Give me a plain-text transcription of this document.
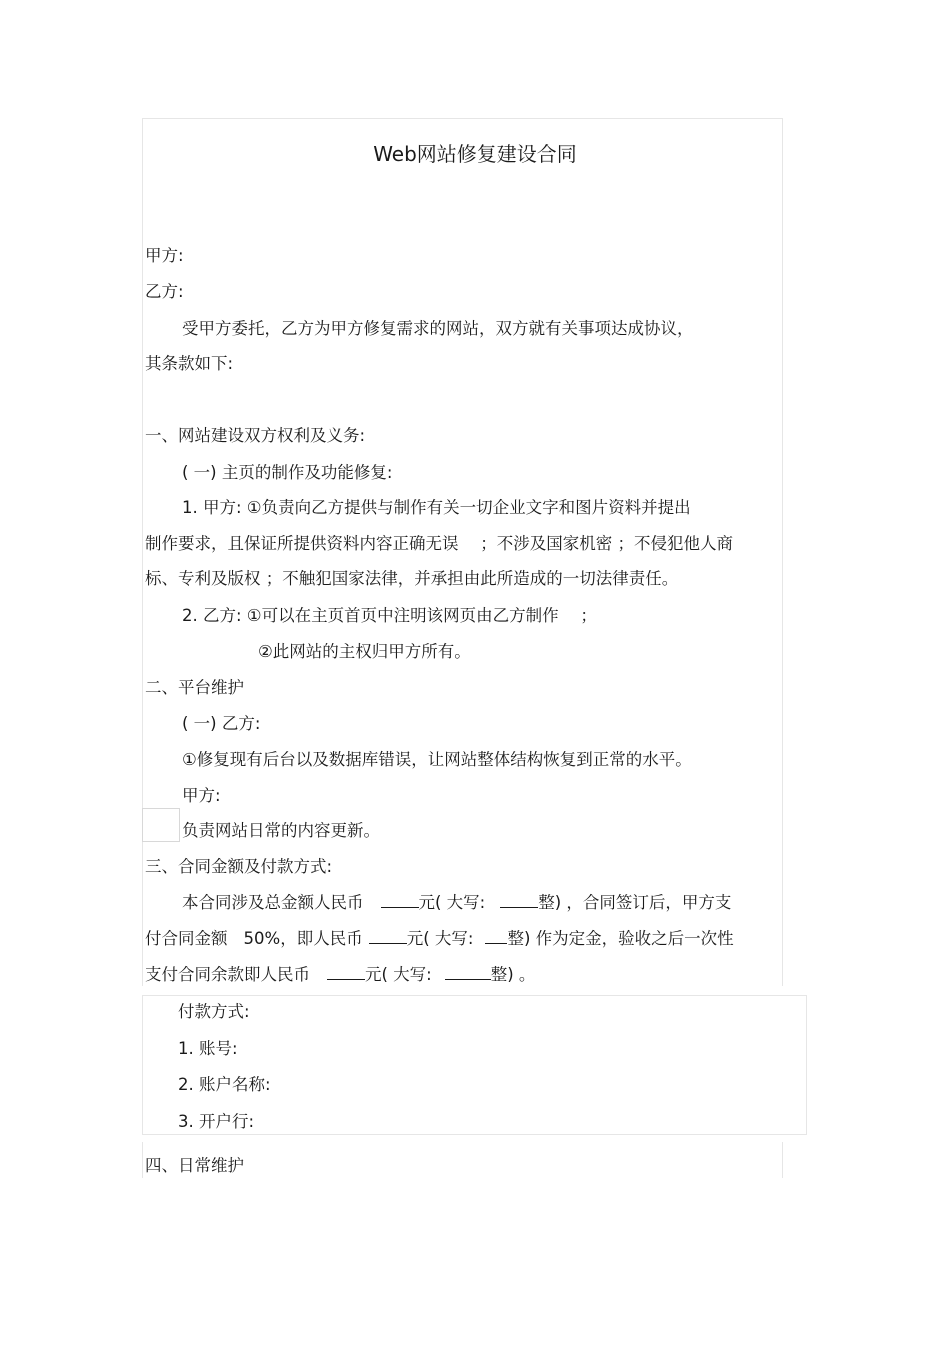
Web网站修复建设合同
甲方:
乙方:
受甲方委托，乙方为甲方修复需求的网站，双方就有关事项达成协议，
其条款如下:
一、网站建设双方权利及义务:
( 一) 主页的制作及功能修复:
1. 甲方: ①负责向乙方提供与制作有关一切企业文字和图片资料并提出
制作要求，且保证所提供资料内容正确无误　 ；不涉及国家机密 ；不侵犯他人商
标、专利及版权 ；不触犯国家法律，并承担由此所造成的一切法律责任。
2. 乙方: ①可以在主页首页中注明该网页由乙方制作　 ；
②此网站的主权归甲方所有。
二、平台维护
( 一) 乙方:
①修复现有后台以及数据库错误，让网站整体结构恢复到正常的水平。
甲方:
负责网站日常的内容更新。
三、合同金额及付款方式:
本合同涉及总金额人民币	元( 大写:	整) ，合同签订后，甲方支
付合同金额 50%，即人民币	元( 大写: 整) 作为定金，验收之后一次性
支付合同余款即人民币	元( 大写:	整) 。
付款方式:
1. 账号:
2. 账户名称:
3. 开户行:
四、日常维护
